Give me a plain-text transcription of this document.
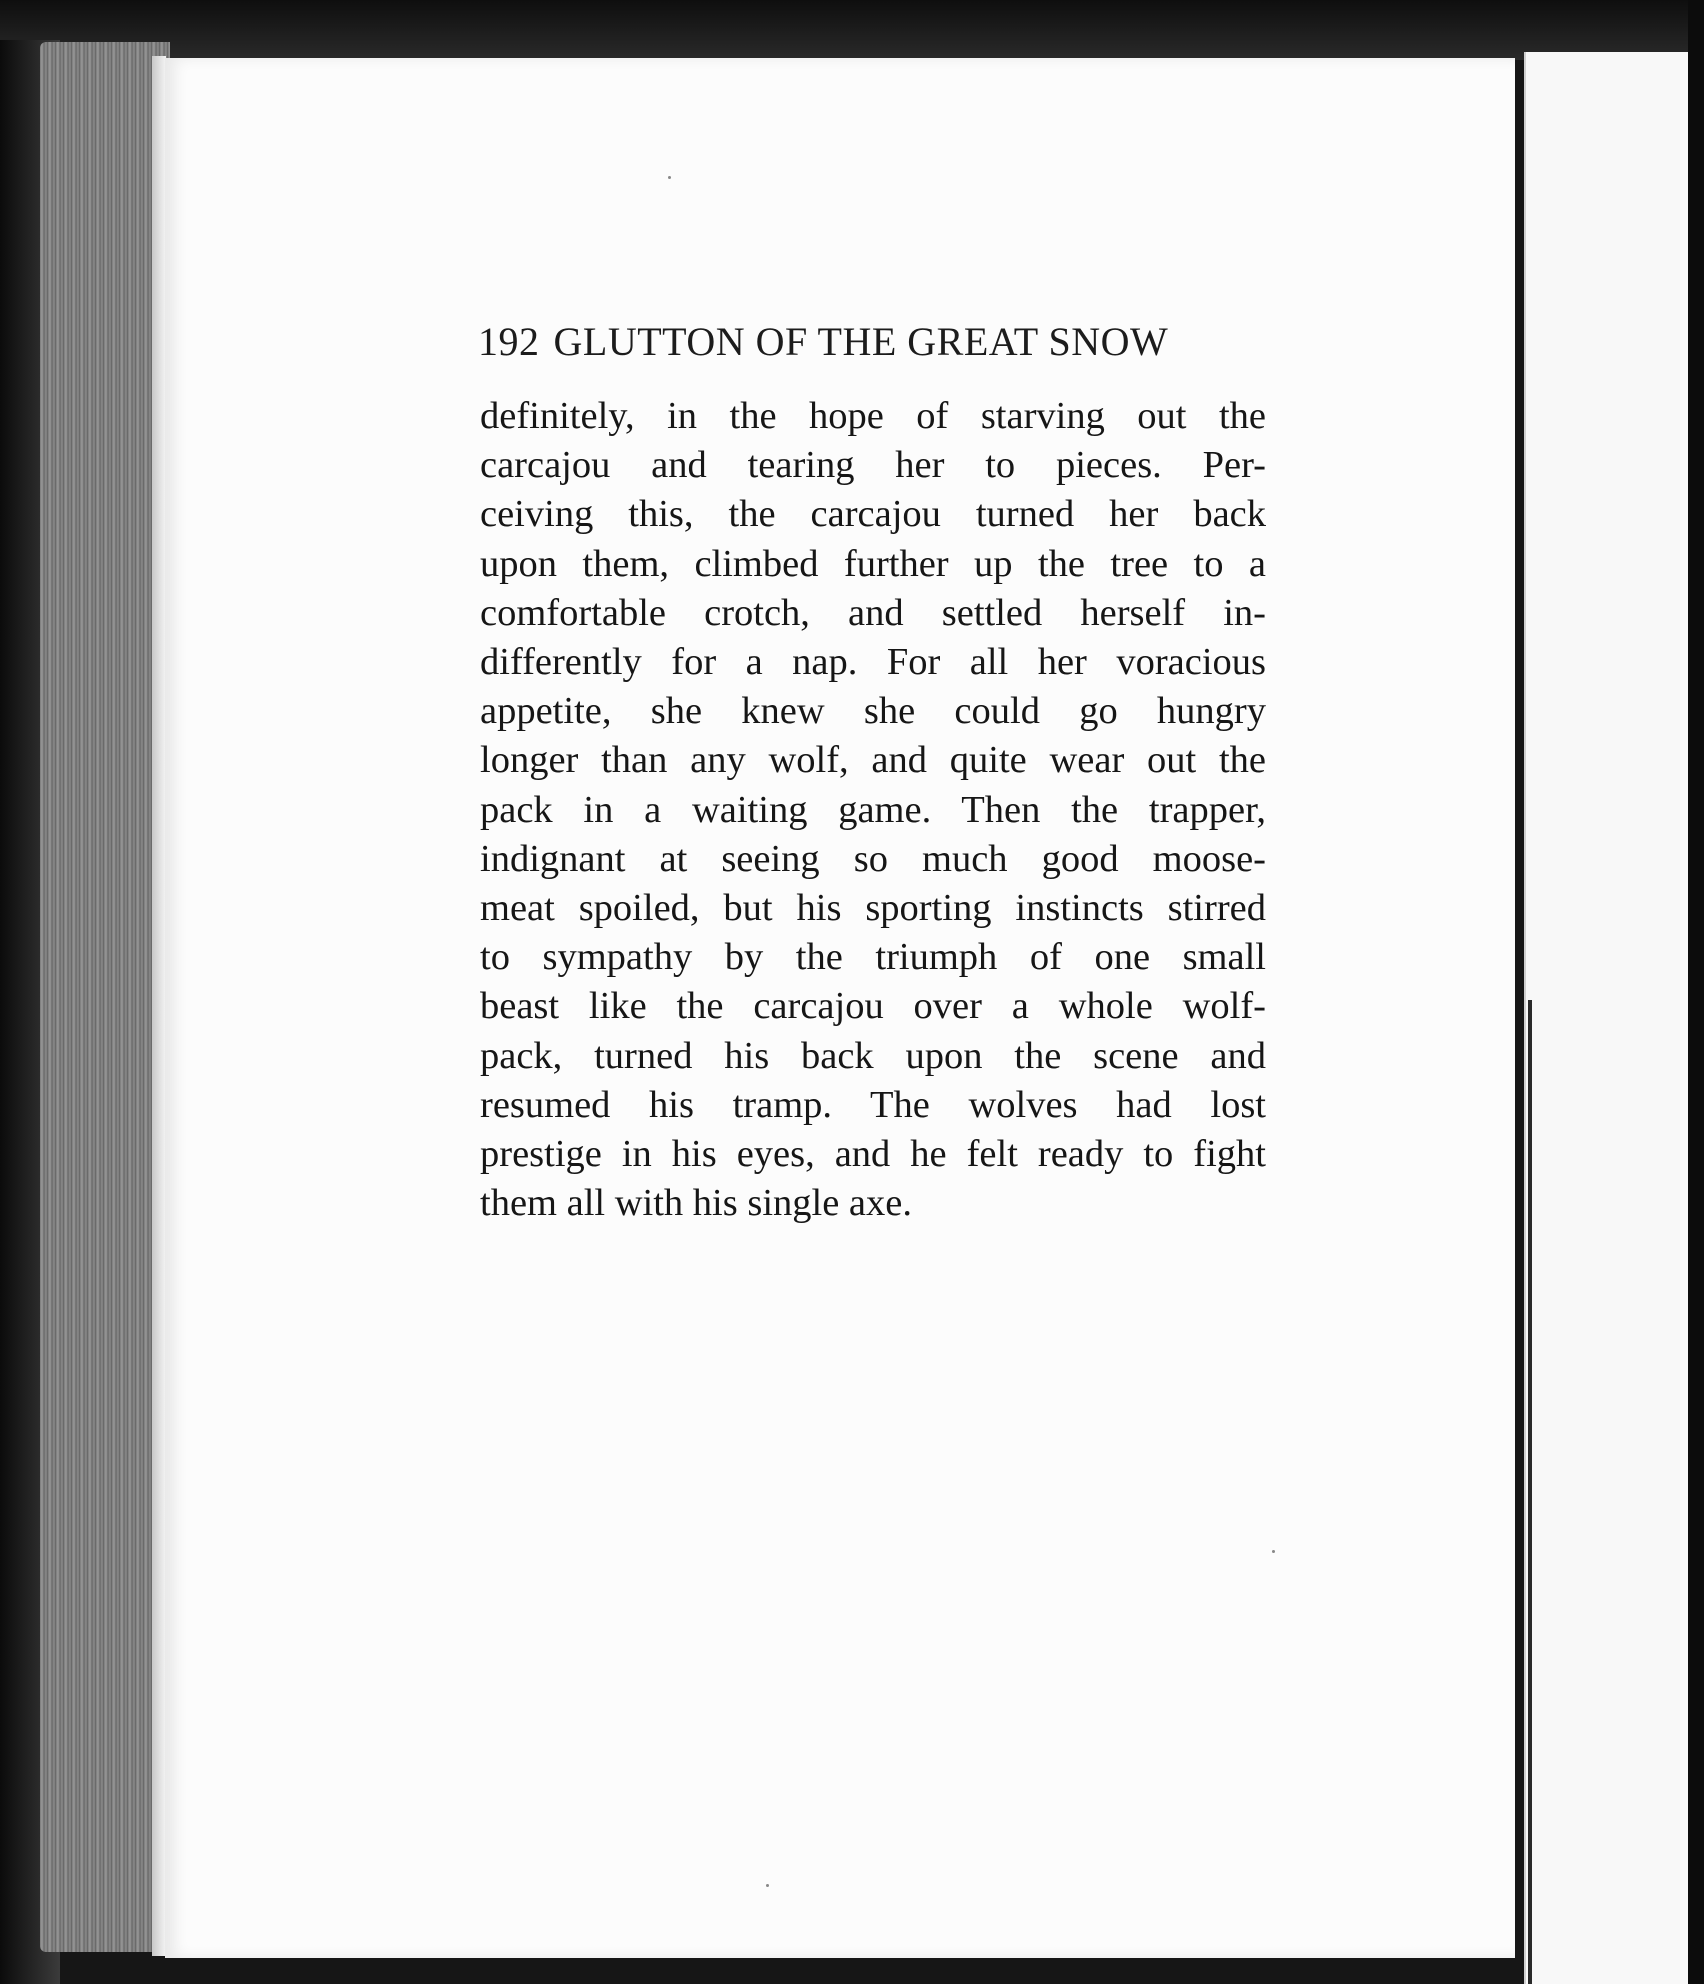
192 GLUTTON OF THE GREAT SNOW
definitely, in the hope of starving out the
carcajou and tearing her to pieces. Per-
ceiving this, the carcajou turned her back
upon them, climbed further up the tree to a
comfortable crotch, and settled herself in-
differently for a nap. For all her voracious
appetite, she knew she could go hungry
longer than any wolf, and quite wear out the
pack in a waiting game. Then the trapper,
indignant at seeing so much good moose-
meat spoiled, but his sporting instincts stirred
to sympathy by the triumph of one small
beast like the carcajou over a whole wolf-
pack, turned his back upon the scene and
resumed his tramp. The wolves had lost
prestige in his eyes, and he felt ready to fight
them all with his single axe.
